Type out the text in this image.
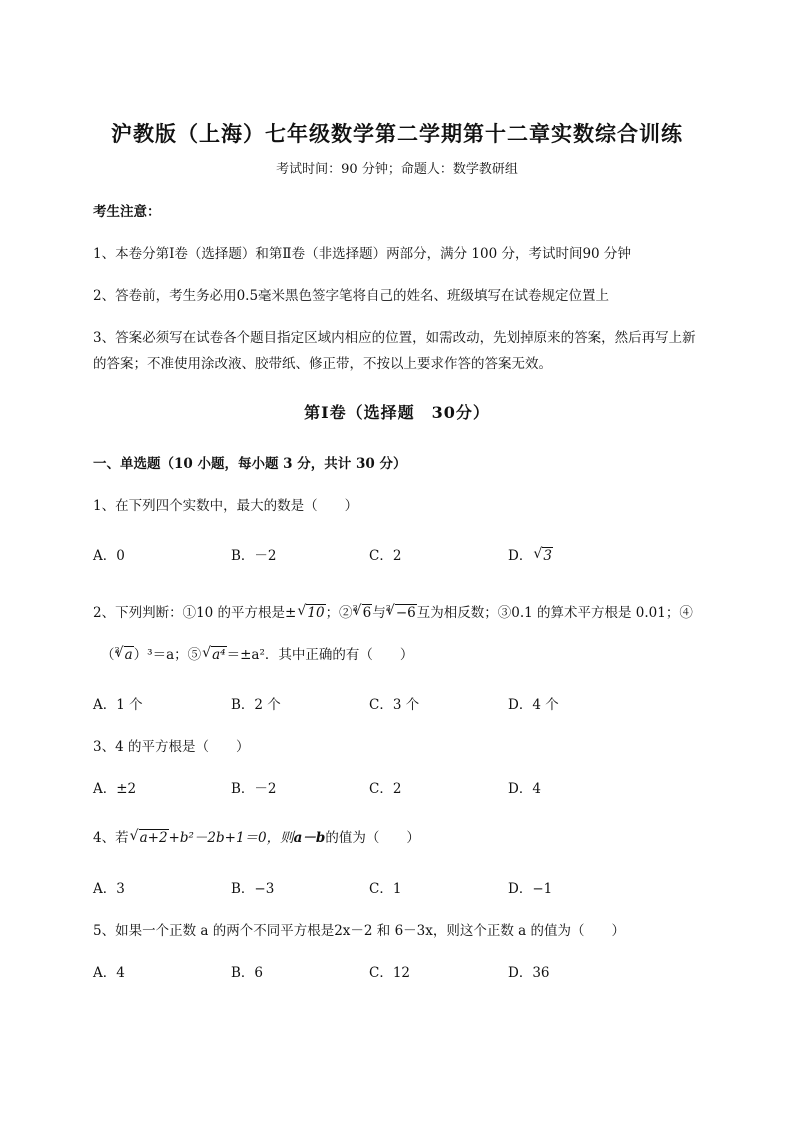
沪教版（上海）七年级数学第二学期第十二章实数综合训练
考试时间：90 分钟；命题人：数学教研组
考生注意：
1、本卷分第Ⅰ卷（选择题）和第Ⅱ卷（非选择题）两部分，满分 100 分，考试时间90 分钟
2、答卷前，考生务必用0.5毫米黑色签字笔将自己的姓名、班级填写在试卷规定位置上
3、答案必须写在试卷各个题目指定区域内相应的位置，如需改动，先划掉原来的答案，然后再写上新
的答案；不准使用涂改液、胶带纸、修正带，不按以上要求作答的答案无效。
第Ⅰ卷（选择题　30分）
一、单选题（10 小题，每小题 3 分，共计 30 分）
1、在下列四个实数中，最大的数是（　　）
A．0	B．－2	C．2	D． √ 3
2、下列判断：①10 的平方根是± √ 10；②$^3$ √ 6与$^3$ √ −6互为相反数；③0.1 的算术平方根是 0.01；④
（$^3$ √ a）³＝a；⑤ √ a⁴＝±a²．其中正确的有（　　）
A．1 个	B．2 个	C．3 个	D．4 个
3、4 的平方根是（　　）
A．±2	B．－2	C．2	D．4
4、若 √ a+2+b²－2b+1＝0，则a－b的值为（　　）
A．3	B．−3	C．1	D．−1
5、如果一个正数 a 的两个不同平方根是2x－2 和 6－3x，则这个正数 a 的值为（　　）
A．4	B．6	C．12	D．36
